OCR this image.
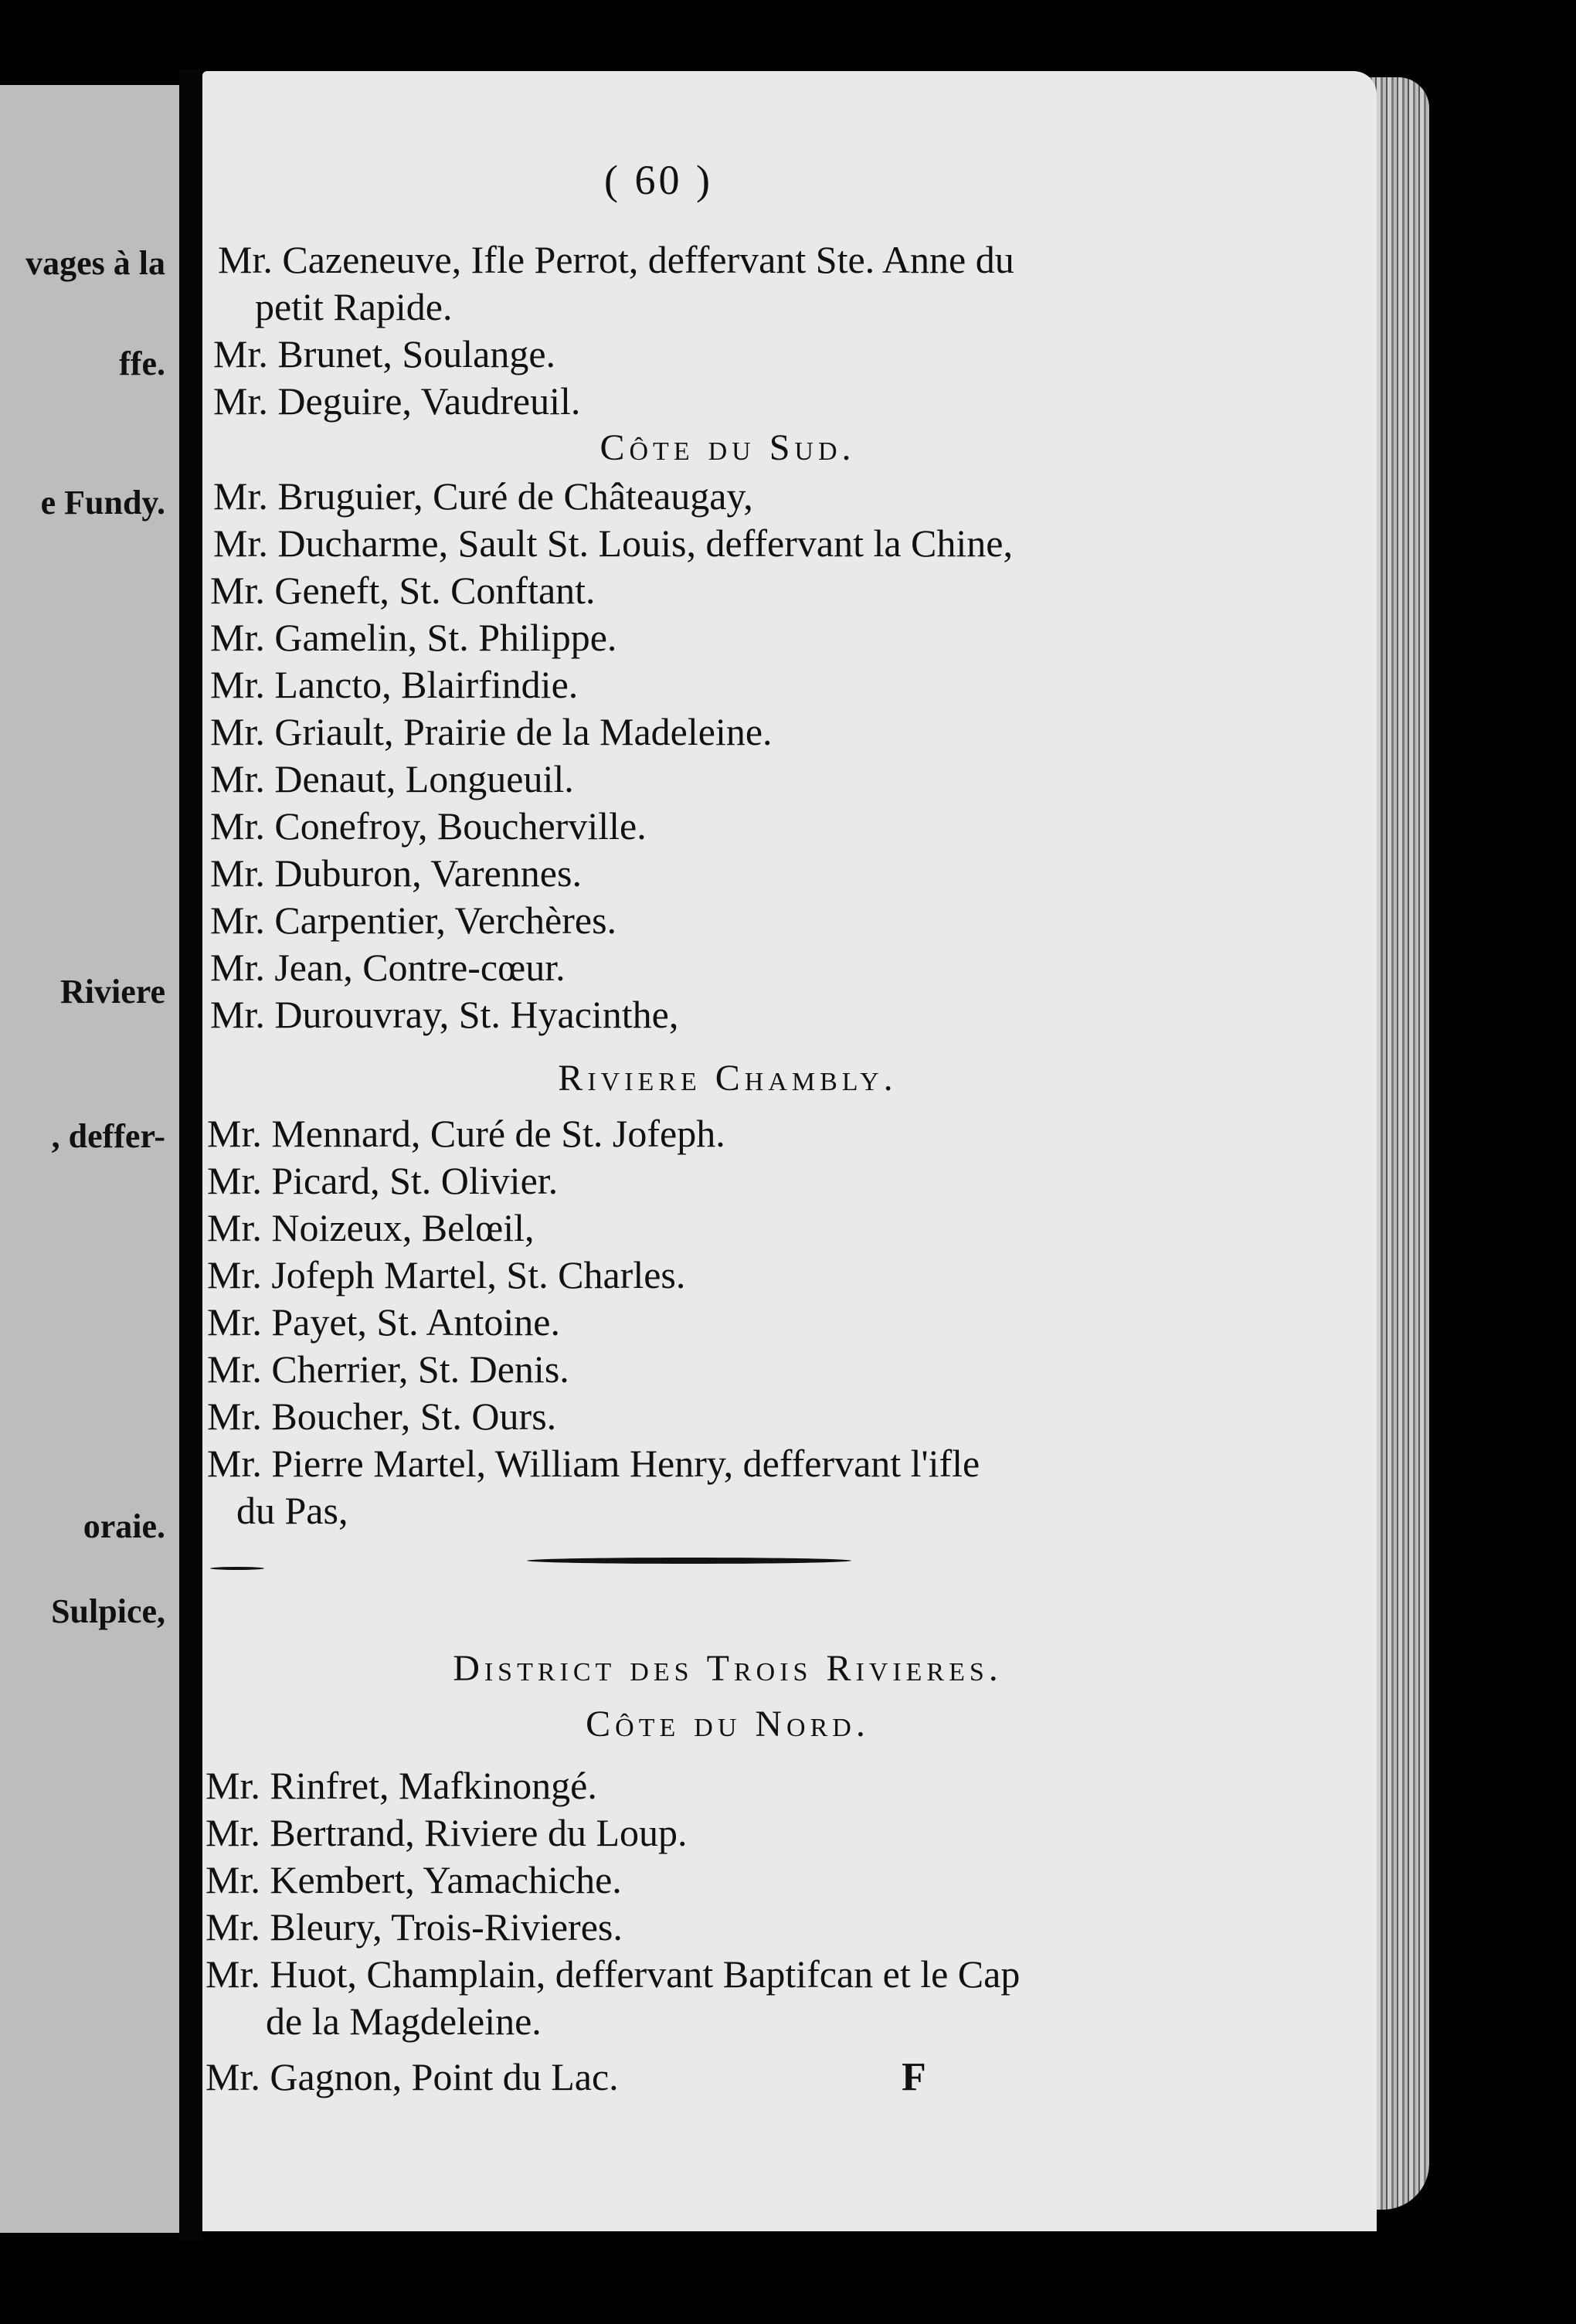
vages à la
ffe.
e Fundy.
Riviere
, deffer-
oraie.
Sulpice,
( 60 )
Mr. Cazeneuve, Ifle Perrot, deffervant Ste. Anne du
petit Rapide.
Mr. Brunet, Soulange.
Mr. Deguire, Vaudreuil.
Côte du Sud.
Mr. Bruguier, Curé de Châteaugay,
Mr. Ducharme, Sault St. Louis, deffervant la Chine,
Mr. Geneft, St. Conftant.
Mr. Gamelin, St. Philippe.
Mr. Lancto, Blairfindie.
Mr. Griault, Prairie de la Madeleine.
Mr. Denaut, Longueuil.
Mr. Conefroy, Boucherville.
Mr. Duburon, Varennes.
Mr. Carpentier, Verchères.
Mr. Jean, Contre-cœur.
Mr. Durouvray, St. Hyacinthe,
Riviere Chambly.
Mr. Mennard, Curé de St. Jofeph.
Mr. Picard, St. Olivier.
Mr. Noizeux, Belœil,
Mr. Jofeph Martel, St. Charles.
Mr. Payet, St. Antoine.
Mr. Cherrier, St. Denis.
Mr. Boucher, St. Ours.
Mr. Pierre Martel, William Henry, deffervant l'ifle
du Pas,
District des Trois Rivieres.
Côte du Nord.
Mr. Rinfret, Mafkinongé.
Mr. Bertrand, Riviere du Loup.
Mr. Kembert, Yamachiche.
Mr. Bleury, Trois-Rivieres.
Mr. Huot, Champlain, deffervant Baptifcan et le Cap
de la Magdeleine.
Mr. Gagnon, Point du Lac.	F
